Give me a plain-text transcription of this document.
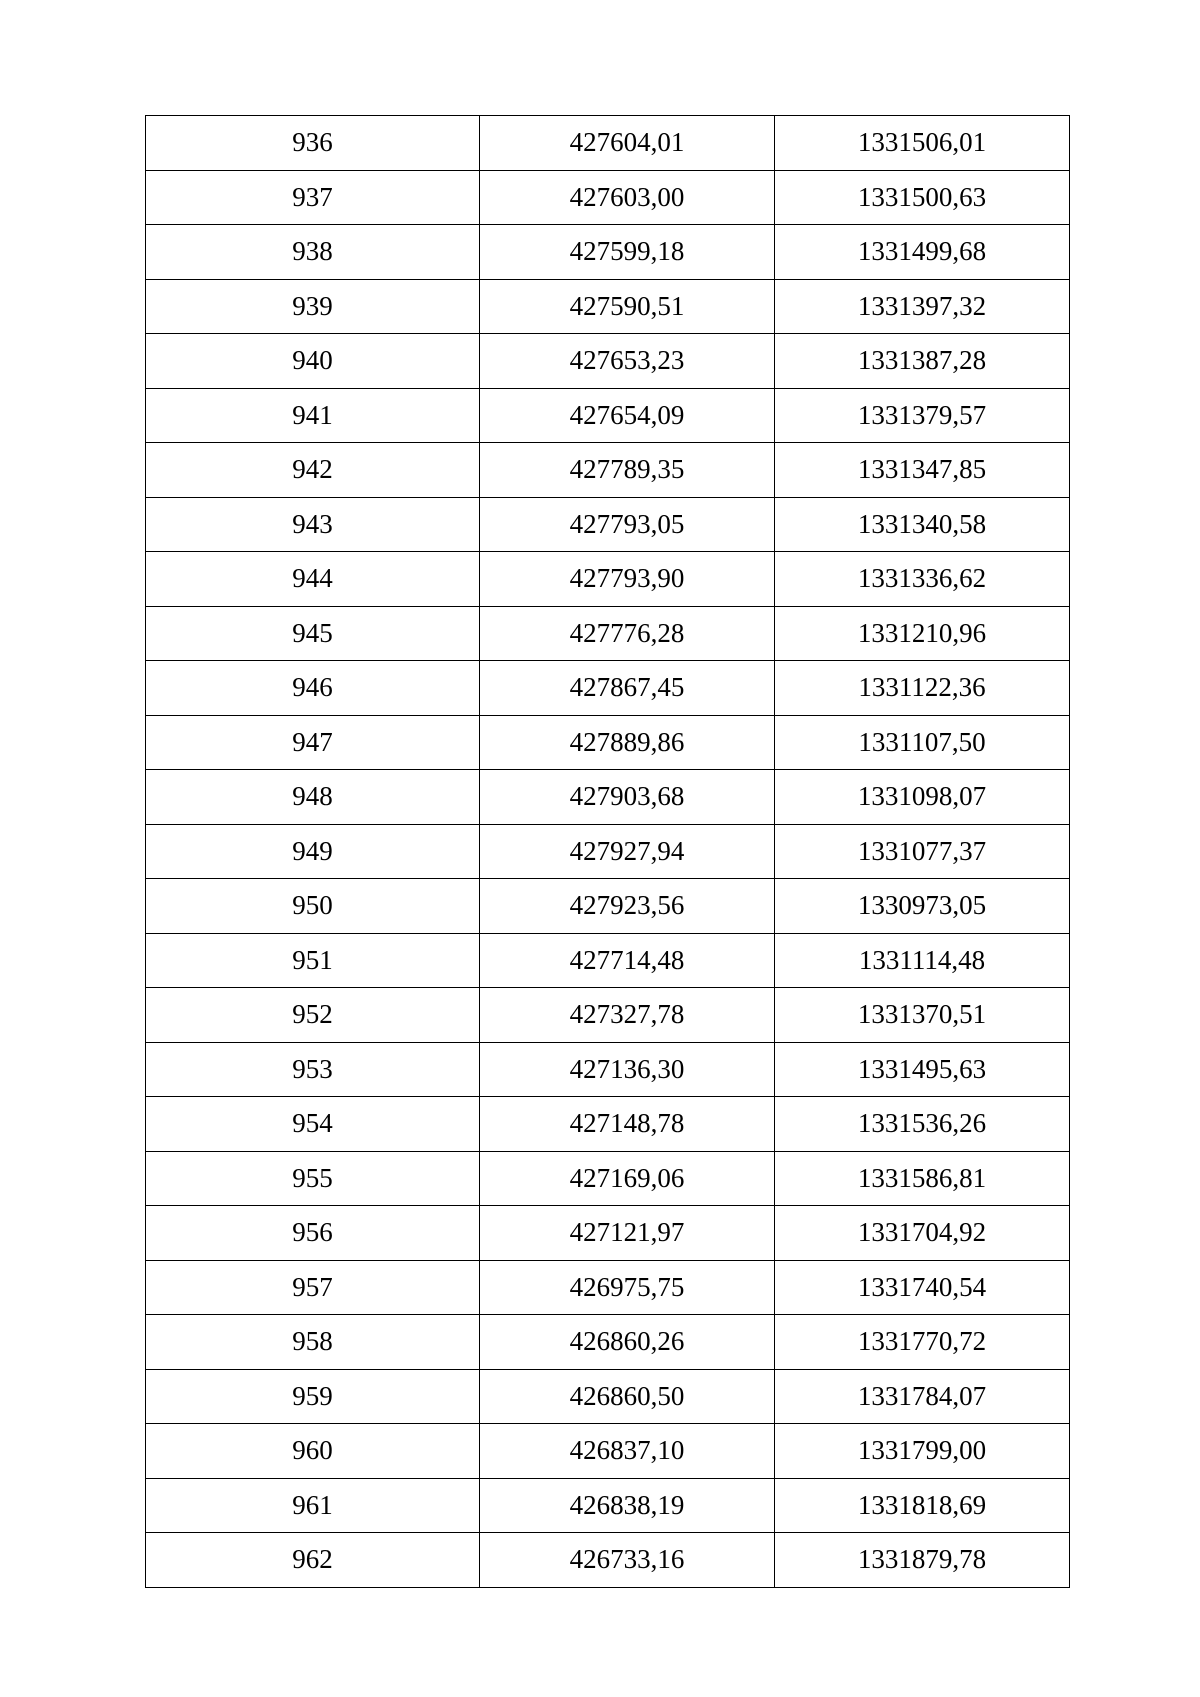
936	427604,01	1331506,01
937	427603,00	1331500,63
938	427599,18	1331499,68
939	427590,51	1331397,32
940	427653,23	1331387,28
941	427654,09	1331379,57
942	427789,35	1331347,85
943	427793,05	1331340,58
944	427793,90	1331336,62
945	427776,28	1331210,96
946	427867,45	1331122,36
947	427889,86	1331107,50
948	427903,68	1331098,07
949	427927,94	1331077,37
950	427923,56	1330973,05
951	427714,48	1331114,48
952	427327,78	1331370,51
953	427136,30	1331495,63
954	427148,78	1331536,26
955	427169,06	1331586,81
956	427121,97	1331704,92
957	426975,75	1331740,54
958	426860,26	1331770,72
959	426860,50	1331784,07
960	426837,10	1331799,00
961	426838,19	1331818,69
962	426733,16	1331879,78
